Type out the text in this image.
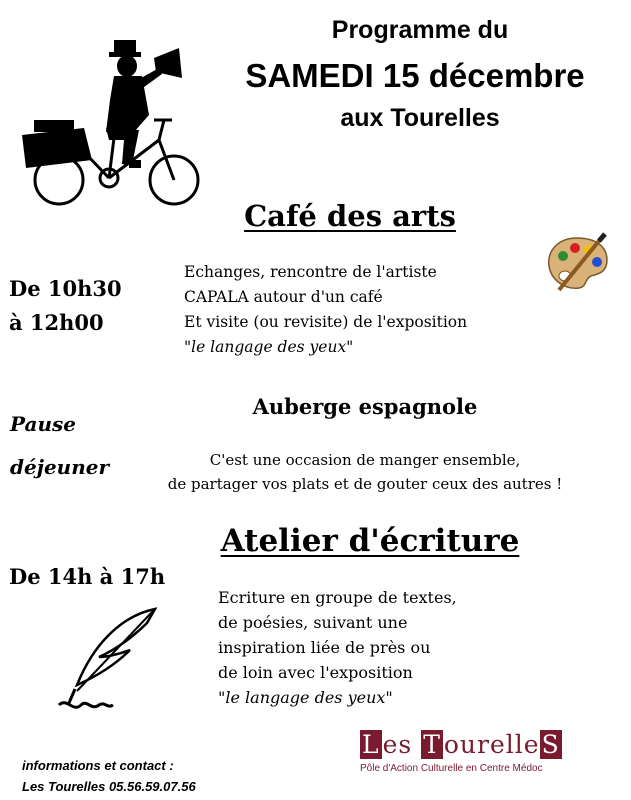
Programme du
SAMEDI 15 décembre
aux Tourelles
Café des arts
De 10h30
à 12h00
Echanges, rencontre de l'artiste
CAPALA autour d'un café
Et visite (ou revisite) de l'exposition
"le langage des yeux"
Auberge espagnole
Pause
déjeuner	C'est une occasion de manger ensemble,
de partager vos plats et de gouter ceux des autres !
Atelier d'écriture
De 14h à 17h
Ecriture en groupe de textes,
de poésies, suivant une
inspiration liée de près ou
de loin avec l'exposition
"le langage des yeux"
informations et contact :
Les Tourelles 05.56.59.07.56
L es T ourelleS
Pôle d'Action Culturelle en Centre Médoc
